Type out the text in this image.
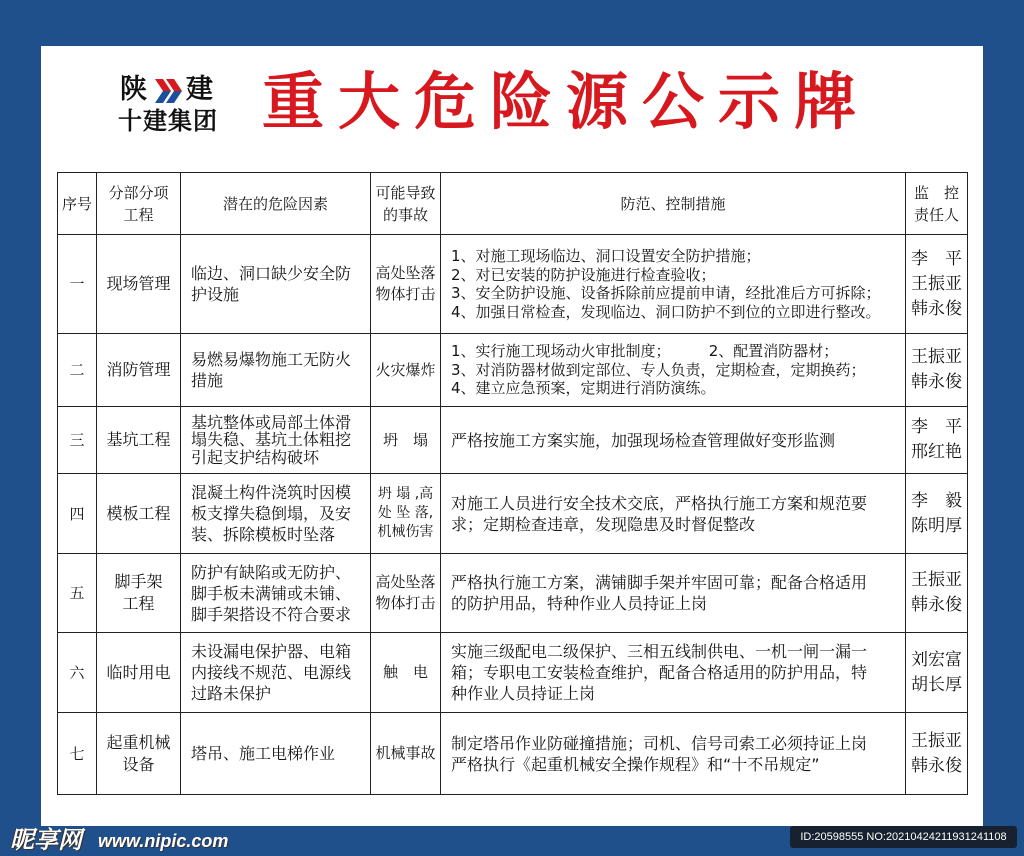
陕 建
十建集团 重大危险源公示牌
序号	分部分项
工程	潜在的危险因素	可能导致
的事故	防范、控制措施	监　控
责任人
一	现场管理	临边、洞口缺少安全防
护设施	高处坠落
物体打击	1、对施工现场临边、洞口设置安全防护措施；
2、对已安装的防护设施进行检查验收；
3、安全防护设施、设备拆除前应提前申请，经批准后方可拆除；
4、加强日常检查，发现临边、洞口防护不到位的立即进行整改。	李　平
王振亚
韩永俊
二	消防管理	易燃易爆物施工无防火
措施	火灾爆炸	1、实行施工现场动火审批制度；        2、配置消防器材；
3、对消防器材做到定部位、专人负责，定期检查，定期换药；
4、建立应急预案，定期进行消防演练。	王振亚
韩永俊
三	基坑工程	基坑整体或局部土体滑
塌失稳、基坑土体粗挖
引起支护结构破坏	坍　塌	严格按施工方案实施，加强现场检查管理做好变形监测	李　平
邢红艳
四	模板工程	混凝土构件浇筑时因模
板支撑失稳倒塌，及安
装、拆除模板时坠落	坍 塌 ,高
处 坠 落,
机械伤害	对施工人员进行安全技术交底，严格执行施工方案和规范要
求；定期检查违章，发现隐患及时督促整改	李　毅
陈明厚
五	脚手架
工程	防护有缺陷或无防护、
脚手板未满铺或未铺、
脚手架搭设不符合要求	高处坠落
物体打击	严格执行施工方案，满铺脚手架并牢固可靠；配备合格适用
的防护用品，特种作业人员持证上岗	王振亚
韩永俊
六	临时用电	未设漏电保护器、电箱
内接线不规范、电源线
过路未保护	触　电	实施三级配电二级保护、三相五线制供电、一机一闸一漏一
箱；专职电工安装检查维护，配备合格适用的防护用品，特
种作业人员持证上岗	刘宏富
胡长厚
七	起重机械
设备	塔吊、施工电梯作业	机械事故	制定塔吊作业防碰撞措施；司机、信号司索工必须持证上岗
严格执行《起重机械安全操作规程》和“十不吊规定”	王振亚
韩永俊
昵享网 www.nipic.com	ID:20598555 NO:20210424211931241108
